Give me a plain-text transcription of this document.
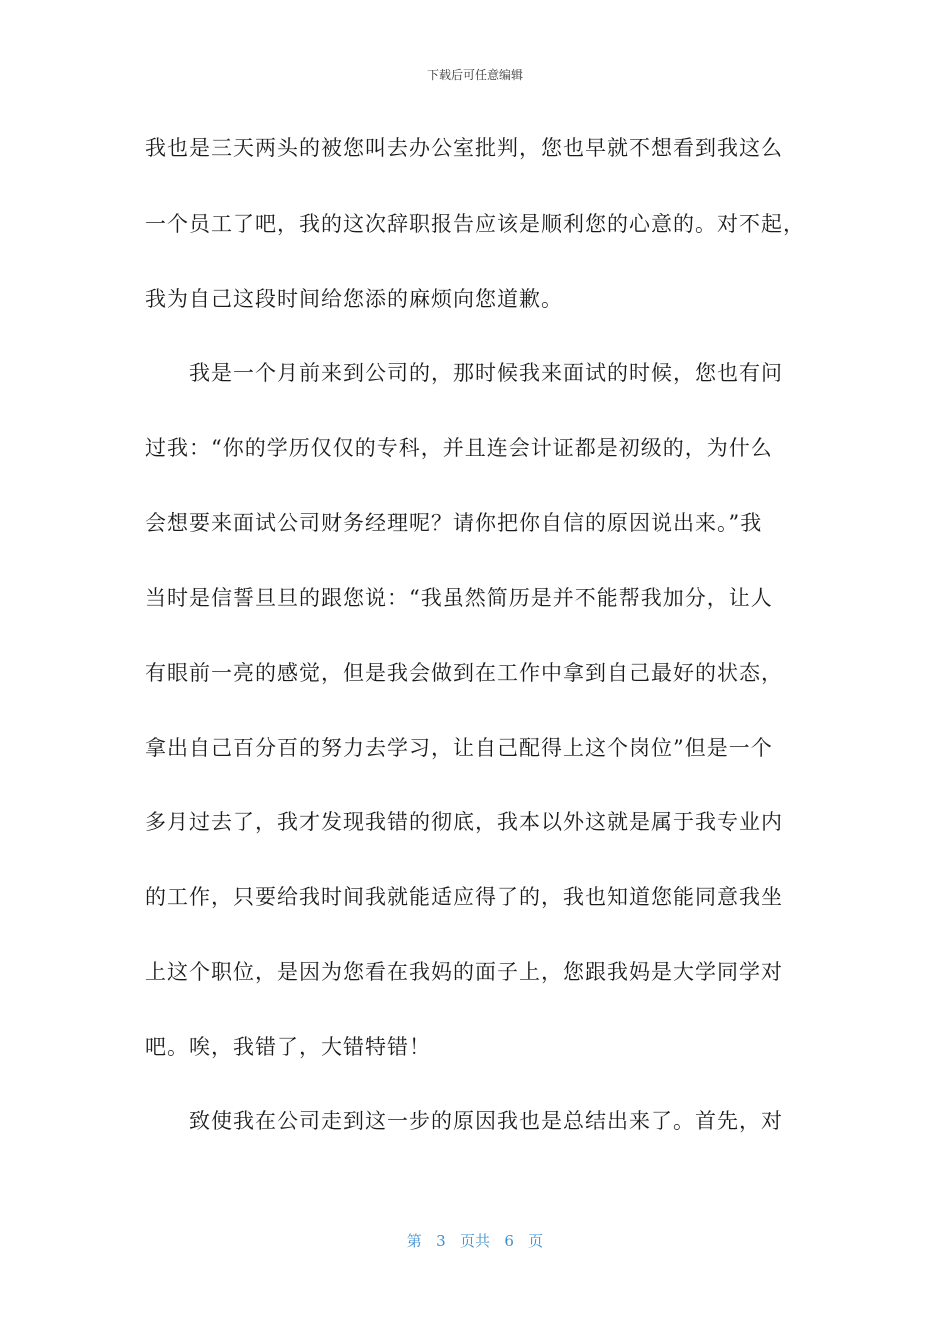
下载后可任意编辑
我也是三天两头的被您叫去办公室批判，您也早就不想看到我这么
一个员工了吧，我的这次辞职报告应该是顺利您的心意的。对不起，
我为自己这段时间给您添的麻烦向您道歉。
我是一个月前来到公司的，那时候我来面试的时候，您也有问
过我：“你的学历仅仅的专科，并且连会计证都是初级的，为什么
会想要来面试公司财务经理呢？请你把你自信的原因说出来。”我
当时是信誓旦旦的跟您说：“我虽然简历是并不能帮我加分，让人
有眼前一亮的感觉，但是我会做到在工作中拿到自己最好的状态，
拿出自己百分百的努力去学习，让自己配得上这个岗位”但是一个
多月过去了，我才发现我错的彻底，我本以外这就是属于我专业内
的工作，只要给我时间我就能适应得了的，我也知道您能同意我坐
上这个职位，是因为您看在我妈的面子上，您跟我妈是大学同学对
吧。唉，我错了，大错特错！
致使我在公司走到这一步的原因我也是总结出来了。首先，对
第 3 页共 6 页
